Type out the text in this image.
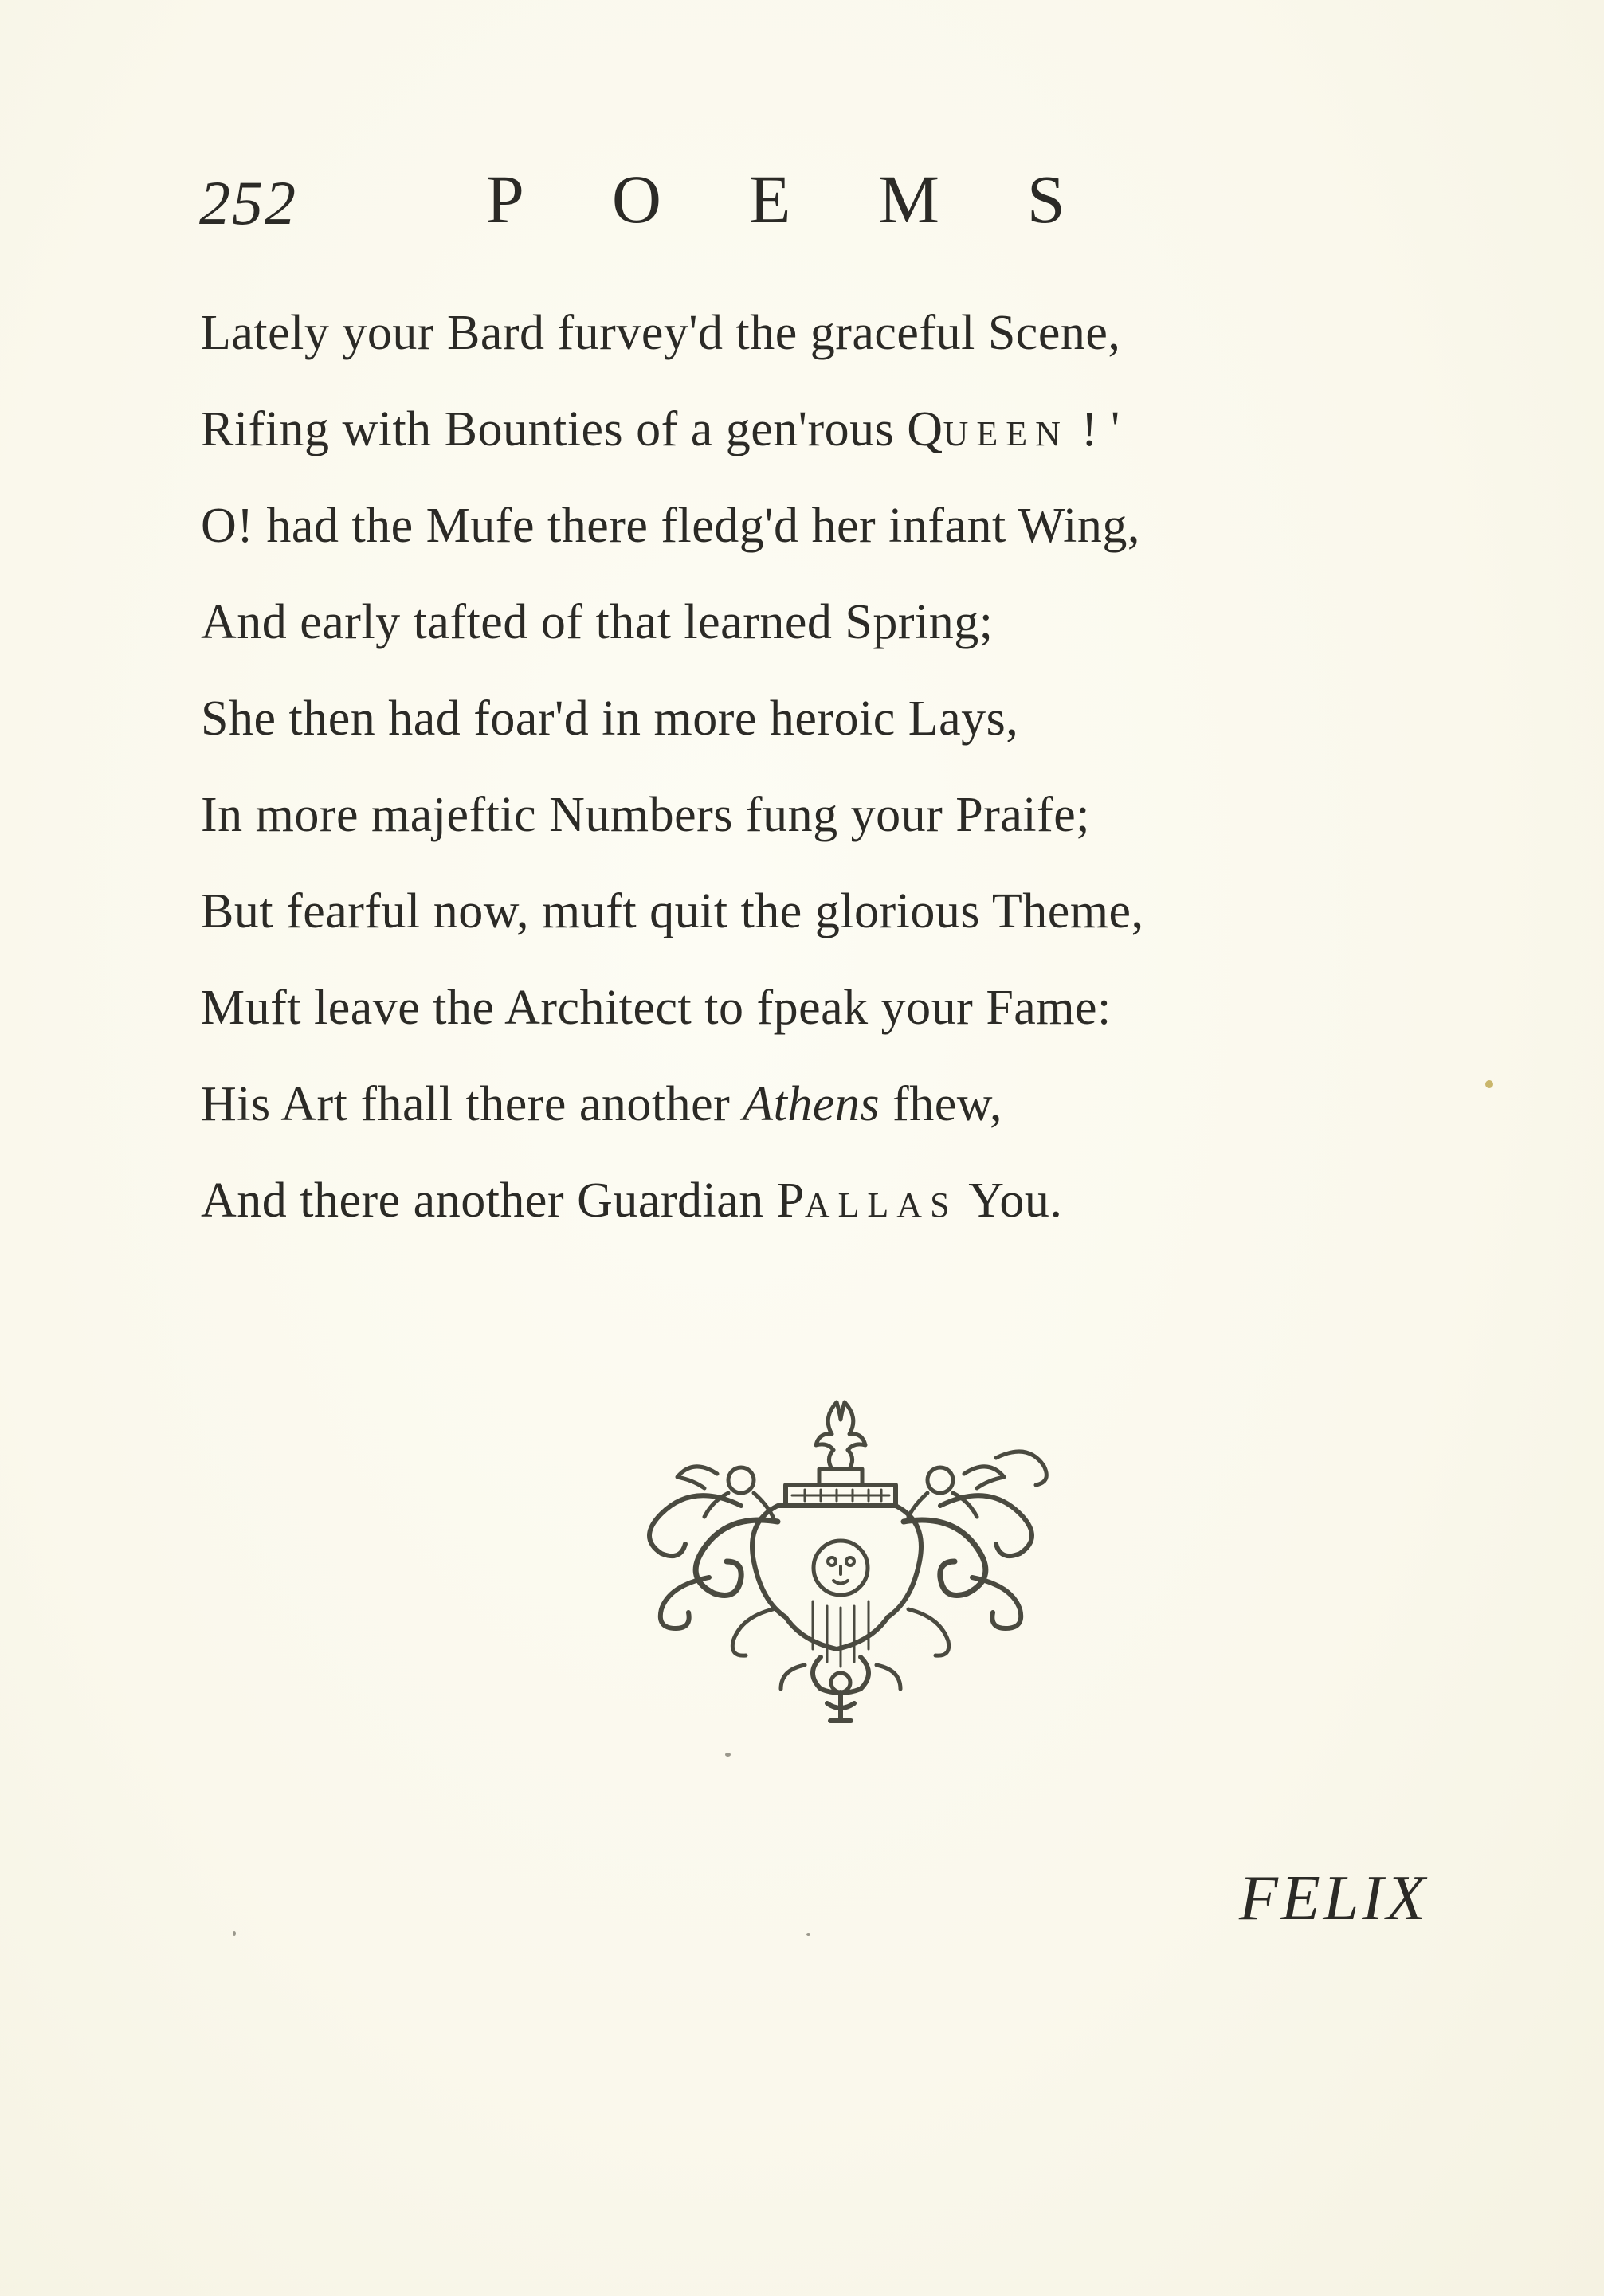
252	POEMS
Lately your Bard furvey'd the graceful Scene,
Rifing with Bounties of a gen'rous QUEEN ! '
O! had the Mufe there fledg'd her infant Wing,
And early tafted of that learned Spring;
She then had foar'd in more heroic Lays,
In more majeftic Numbers fung your Praife;
But fearful now, muft quit the glorious Theme,
Muft leave the Architect to fpeak your Fame:
His Art fhall there another Athens fhew,
And there another Guardian PALLAS You.
FELIX
